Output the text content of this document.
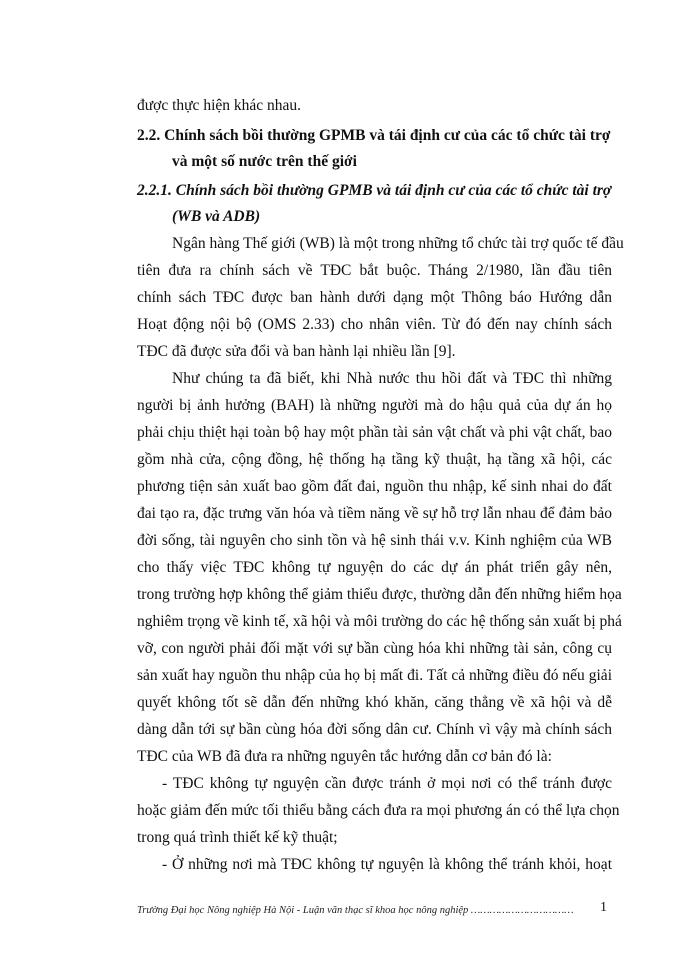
được thực hiện khác nhau.
2.2. Chính sách bồi thường GPMB và tái định cư của các tổ chức tài trợ
và một số nước trên thế giới
2.2.1. Chính sách bồi thường GPMB và tái định cư của các tổ chức tài trợ
(WB và ADB)
Ngân hàng Thế giới (WB) là một trong những tổ chức tài trợ quốc tế đầu
tiên đưa ra chính sách về TĐC bắt buộc. Tháng 2/1980, lần đầu tiên
chính sách TĐC được ban hành dưới dạng một Thông báo Hướng dẫn
Hoạt động nội bộ (OMS 2.33) cho nhân viên. Từ đó đến nay chính sách
TĐC đã được sửa đổi và ban hành lại nhiều lần [9].
Như chúng ta đã biết, khi Nhà nước thu hồi đất và TĐC thì những
người bị ảnh hưởng (BAH) là những người mà do hậu quả của dự án họ
phải chịu thiệt hại toàn bộ hay một phần tài sản vật chất và phi vật chất, bao
gồm nhà cửa, cộng đồng, hệ thống hạ tầng kỹ thuật, hạ tầng xã hội, các
phương tiện sản xuất bao gồm đất đai, nguồn thu nhập, kế sinh nhai do đất
đai tạo ra, đặc trưng văn hóa và tiềm năng về sự hỗ trợ lẫn nhau để đảm bảo
đời sống, tài nguyên cho sinh tồn và hệ sinh thái v.v. Kinh nghiệm của WB
cho thấy việc TĐC không tự nguyện do các dự án phát triển gây nên,
trong trường hợp không thể giảm thiểu được, thường dẫn đến những hiểm họa
nghiêm trọng về kinh tế, xã hội và môi trường do các hệ thống sản xuất bị phá
vỡ, con người phải đối mặt với sự bần cùng hóa khi những tài sản, công cụ
sản xuất hay nguồn thu nhập của họ bị mất đi. Tất cả những điều đó nếu giải
quyết không tốt sẽ dẫn đến những khó khăn, căng thẳng về xã hội và dễ
dàng dẫn tới sự bần cùng hóa đời sống dân cư. Chính vì vậy mà chính sách
TĐC của WB đã đưa ra những nguyên tắc hướng dẫn cơ bản đó là:
- TĐC không tự nguyện cần được tránh ở mọi nơi có thể tránh được
hoặc giảm đến mức tối thiểu bằng cách đưa ra mọi phương án có thể lựa chọn
trong quá trình thiết kế kỹ thuật;
- Ở những nơi mà TĐC không tự nguyện là không thể tránh khỏi, hoạt
Trường Đại học Nông nghiệp Hà Nội - Luận văn thạc sĩ khoa học nông nghiệp ……………………………	1
